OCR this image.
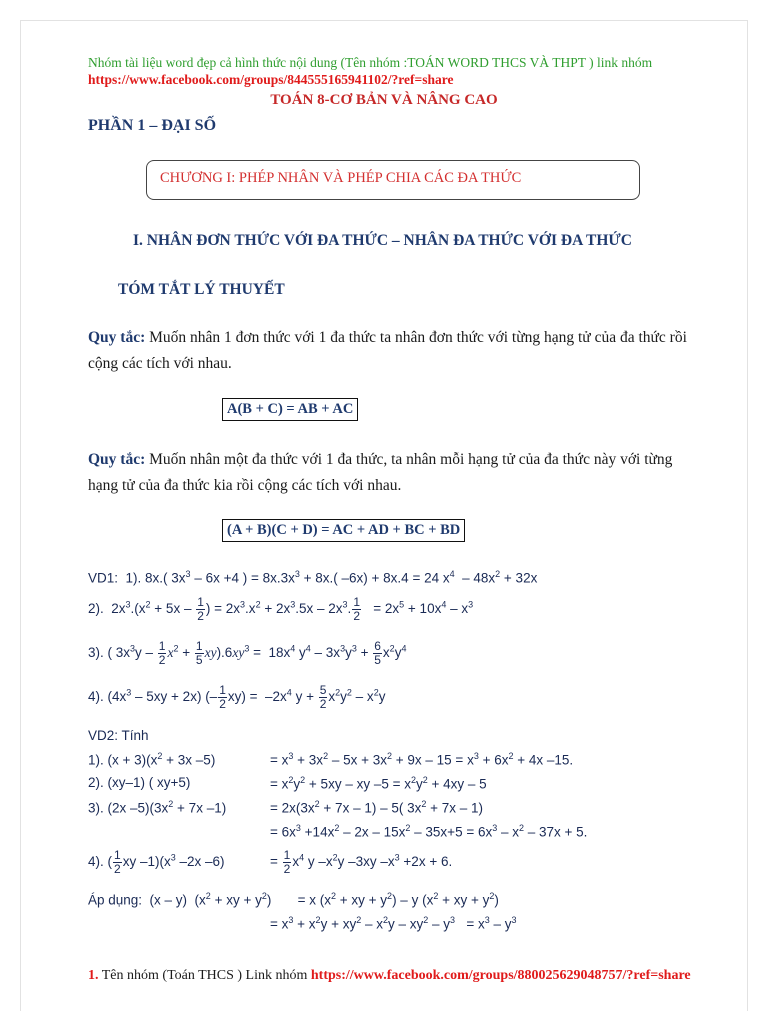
Nhóm tài liệu word đẹp cả hình thức nội dung (Tên nhóm :TOÁN WORD THCS VÀ THPT ) link nhóm
https://www.facebook.com/groups/844555165941102/?ref=share
TOÁN 8-CƠ BẢN VÀ NÂNG CAO
PHẦN 1 – ĐẠI SỐ
CHƯƠNG I: PHÉP NHÂN VÀ PHÉP CHIA CÁC ĐA THỨC
I. NHÂN ĐƠN THỨC VỚI ĐA THỨC – NHÂN ĐA THỨC VỚI ĐA THỨC
TÓM TẮT LÝ THUYẾT
Quy tắc: Muốn nhân 1 đơn thức với 1 đa thức ta nhân đơn thức với từng hạng tử của đa thức rồi cộng các tích với nhau.
A(B + C) = AB + AC
Quy tắc: Muốn nhân một đa thức với 1 đa thức, ta nhân mỗi hạng tử của đa thức này với từng hạng tử của đa thức kia rồi cộng các tích với nhau.
(A + B)(C + D) = AC + AD + BC + BD
VD1:  1). 8x.( $3x^3 - 6x +4$ ) = $8x.3x^3 + 8x$.( –6x) + 8x.4 = 24 $x^4 - 48x^2 + 32x$
2).  $2x^3.(x^2 + 5x - \frac{1}{2}$ ) = $2x^3.x^2 + 2x^3.5x - 2x^3$. $\frac{1}{2} = 2x^5 + 10x^4 - x^3$
3). ( $3x^3y - \frac{1}{2} x^2 + \frac{1}{5} xy).6xy^3 = 18x^4$ $y^4 - 3x^3y^3 + \frac{6}{5} x^2y^4$
4). $(4x^3 - 5xy + 2x)$ (– $\frac{1}{2} xy) = -2x^4$ $y + \frac{5}{2} x^2y^2 - x^2y$
VD2: Tính
1). $(x + 3)(x^2 + 3x$ –5)	= $x^3 + 3x^2 - 5x + 3x^2 + 9x - 15 = x^3 + 6x^2 + 4x$ –15.
2). (xy–1) ( xy+5)	= $x^2y^2 + 5xy$ – xy $-5 = x^2y^2 + 4xy - 5$
3). (2x $-5)(3x^2 + 7x$ –1)	= $2x(3x^2 + 7x - 1) - 5$( $3x^2 + 7x - 1$)
= $6x^3 +14x^2 - 2x - 15x^2 - 35x+5 = 6x^3 - x^2 - 37x + 5$.
4). ( $\frac{1}{2}$ xy $-1)(x^3$ –2x –6)	= $\frac{1}{2} x^4$ y $-x^2y$ –3xy $-x^3 +2x + 6$.
Áp dụng:  (x – y)  ($x^2$ + xy + $y^2$)       = x ($x^2$ + xy + $y^2$) – y ($x^2$ + xy + $y^2$)
= $x^3 + x^2y + xy^2 - x^2y - xy^2 - y^3 = x^3 - y^3$
1. Tên nhóm (Toán THCS ) Link nhóm https://www.facebook.com/groups/880025629048757/?ref=share
